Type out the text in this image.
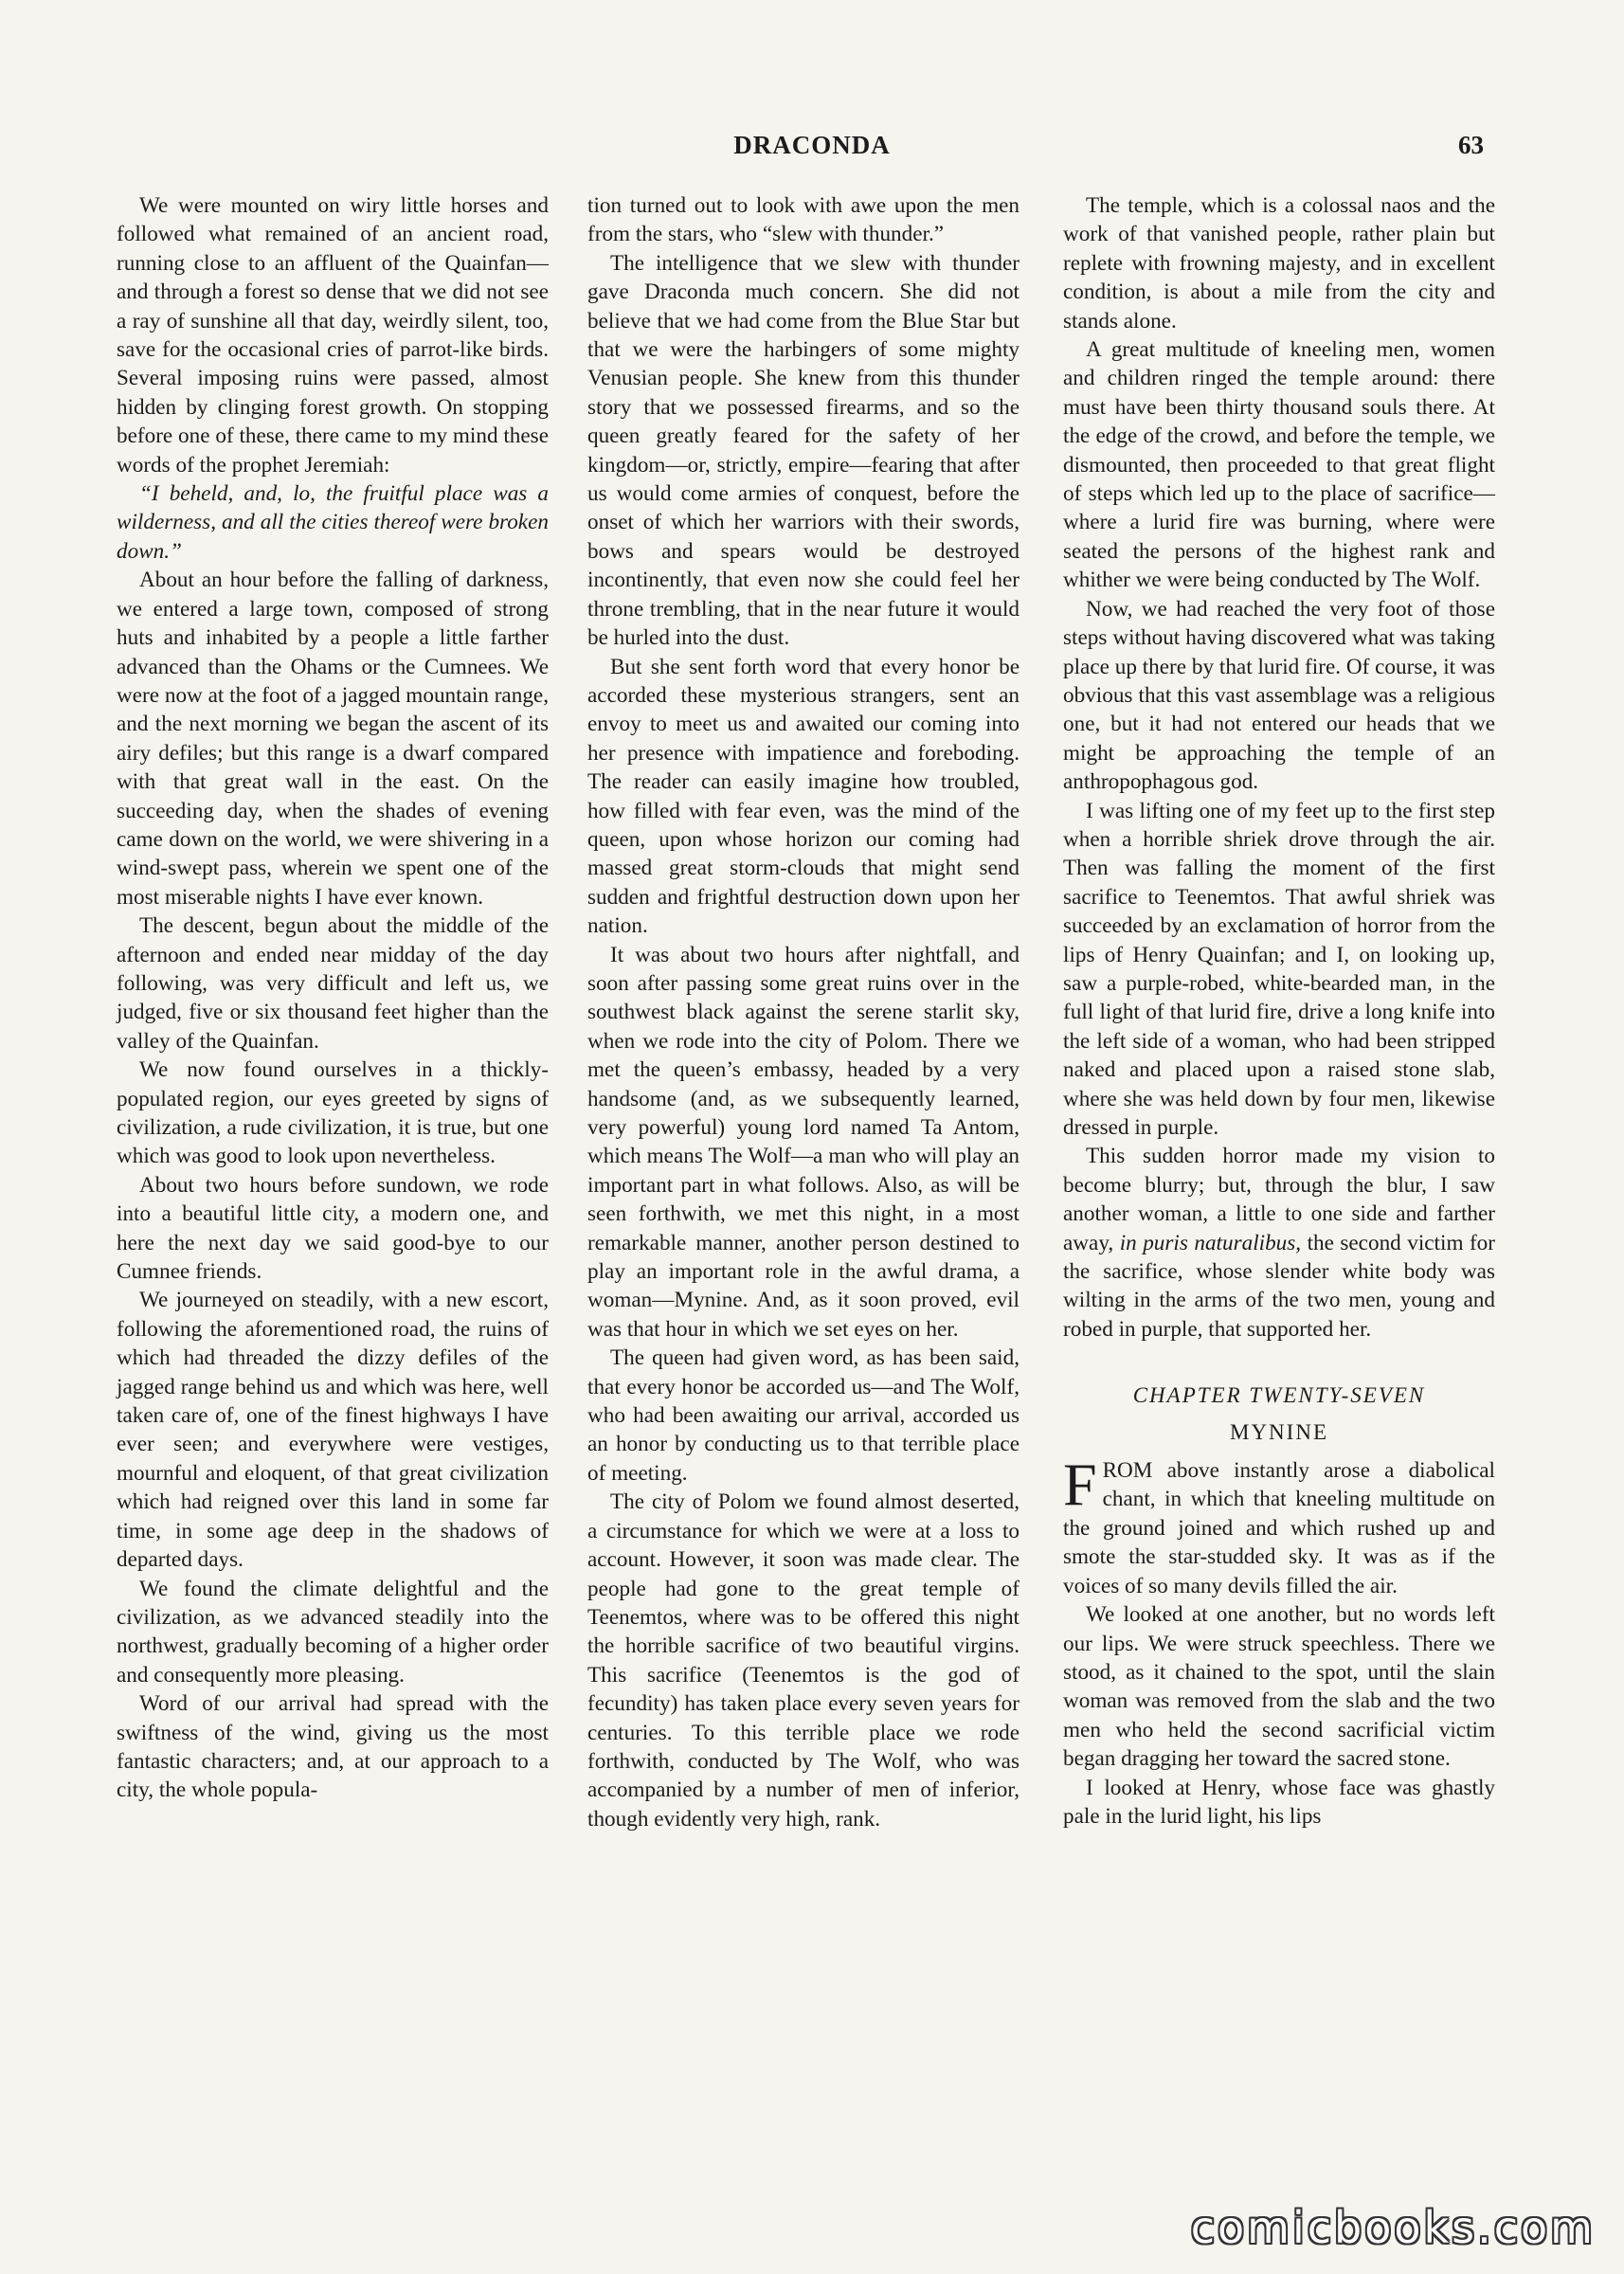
DRACONDA	63

We were mounted on wiry little horses and followed what remained of an ancient road, running close to an affluent of the Quainfan—and through a forest so dense that we did not see a ray of sunshine all that day, weirdly silent, too, save for the occasional cries of parrot-like birds. Several imposing ruins were passed, almost hidden by clinging forest growth. On stopping before one of these, there came to my mind these words of the prophet Jeremiah:

“I beheld, and, lo, the fruitful place was a wilderness, and all the cities thereof were broken down.”

About an hour before the falling of darkness, we entered a large town, composed of strong huts and inhabited by a people a little farther advanced than the Ohams or the Cumnees. We were now at the foot of a jagged mountain range, and the next morning we began the ascent of its airy defiles; but this range is a dwarf compared with that great wall in the east. On the succeeding day, when the shades of evening came down on the world, we were shivering in a wind-swept pass, wherein we spent one of the most miserable nights I have ever known.

The descent, begun about the middle of the afternoon and ended near midday of the day following, was very difficult and left us, we judged, five or six thousand feet higher than the valley of the Quainfan.

We now found ourselves in a thickly-populated region, our eyes greeted by signs of civilization, a rude civilization, it is true, but one which was good to look upon nevertheless.

About two hours before sundown, we rode into a beautiful little city, a modern one, and here the next day we said good-bye to our Cumnee friends.

We journeyed on steadily, with a new escort, following the aforementioned road, the ruins of which had threaded the dizzy defiles of the jagged range behind us and which was here, well taken care of, one of the finest highways I have ever seen; and everywhere were vestiges, mournful and eloquent, of that great civilization which had reigned over this land in some far time, in some age deep in the shadows of departed days.

We found the climate delightful and the civilization, as we advanced steadily into the northwest, gradually becoming of a higher order and consequently more pleasing.

Word of our arrival had spread with the swiftness of the wind, giving us the most fantastic characters; and, at our approach to a city, the whole popula-

tion turned out to look with awe upon the men from the stars, who “slew with thunder.”

The intelligence that we slew with thunder gave Draconda much concern. She did not believe that we had come from the Blue Star but that we were the harbingers of some mighty Venusian people. She knew from this thunder story that we possessed firearms, and so the queen greatly feared for the safety of her kingdom—or, strictly, empire—fearing that after us would come armies of conquest, before the onset of which her warriors with their swords, bows and spears would be destroyed incontinently, that even now she could feel her throne trembling, that in the near future it would be hurled into the dust.

But she sent forth word that every honor be accorded these mysterious strangers, sent an envoy to meet us and awaited our coming into her presence with impatience and foreboding. The reader can easily imagine how troubled, how filled with fear even, was the mind of the queen, upon whose horizon our coming had massed great storm-clouds that might send sudden and frightful destruction down upon her nation.

It was about two hours after nightfall, and soon after passing some great ruins over in the southwest black against the serene starlit sky, when we rode into the city of Polom. There we met the queen’s embassy, headed by a very handsome (and, as we subsequently learned, very powerful) young lord named Ta Antom, which means The Wolf—a man who will play an important part in what follows. Also, as will be seen forthwith, we met this night, in a most remarkable manner, another person destined to play an important role in the awful drama, a woman—Mynine. And, as it soon proved, evil was that hour in which we set eyes on her.

The queen had given word, as has been said, that every honor be accorded us—and The Wolf, who had been awaiting our arrival, accorded us an honor by conducting us to that terrible place of meeting.

The city of Polom we found almost deserted, a circumstance for which we were at a loss to account. However, it soon was made clear. The people had gone to the great temple of Teenemtos, where was to be offered this night the horrible sacrifice of two beautiful virgins. This sacrifice (Teenemtos is the god of fecundity) has taken place every seven years for centuries. To this terrible place we rode forthwith, conducted by The Wolf, who was accompanied by a number of men of inferior, though evidently very high, rank.

The temple, which is a colossal naos and the work of that vanished people, rather plain but replete with frowning majesty, and in excellent condition, is about a mile from the city and stands alone.

A great multitude of kneeling men, women and children ringed the temple around: there must have been thirty thousand souls there. At the edge of the crowd, and before the temple, we dismounted, then proceeded to that great flight of steps which led up to the place of sacrifice—where a lurid fire was burning, where were seated the persons of the highest rank and whither we were being conducted by The Wolf.

Now, we had reached the very foot of those steps without having discovered what was taking place up there by that lurid fire. Of course, it was obvious that this vast assemblage was a religious one, but it had not entered our heads that we might be approaching the temple of an anthropophagous god.

I was lifting one of my feet up to the first step when a horrible shriek drove through the air. Then was falling the moment of the first sacrifice to Teenemtos. That awful shriek was succeeded by an exclamation of horror from the lips of Henry Quainfan; and I, on looking up, saw a purple-robed, white-bearded man, in the full light of that lurid fire, drive a long knife into the left side of a woman, who had been stripped naked and placed upon a raised stone slab, where she was held down by four men, likewise dressed in purple.

This sudden horror made my vision to become blurry; but, through the blur, I saw another woman, a little to one side and farther away, in puris naturalibus, the second victim for the sacrifice, whose slender white body was wilting in the arms of the two men, young and robed in purple, that supported her.

CHAPTER TWENTY-SEVEN
MYNINE

FROM above instantly arose a diabolical chant, in which that kneeling multitude on the ground joined and which rushed up and smote the star-studded sky. It was as if the voices of so many devils filled the air.

We looked at one another, but no words left our lips. We were struck speechless. There we stood, as it chained to the spot, until the slain woman was removed from the slab and the two men who held the second sacrificial victim began dragging her toward the sacred stone.

I looked at Henry, whose face was ghastly pale in the lurid light, his lips

comicbooks.com
